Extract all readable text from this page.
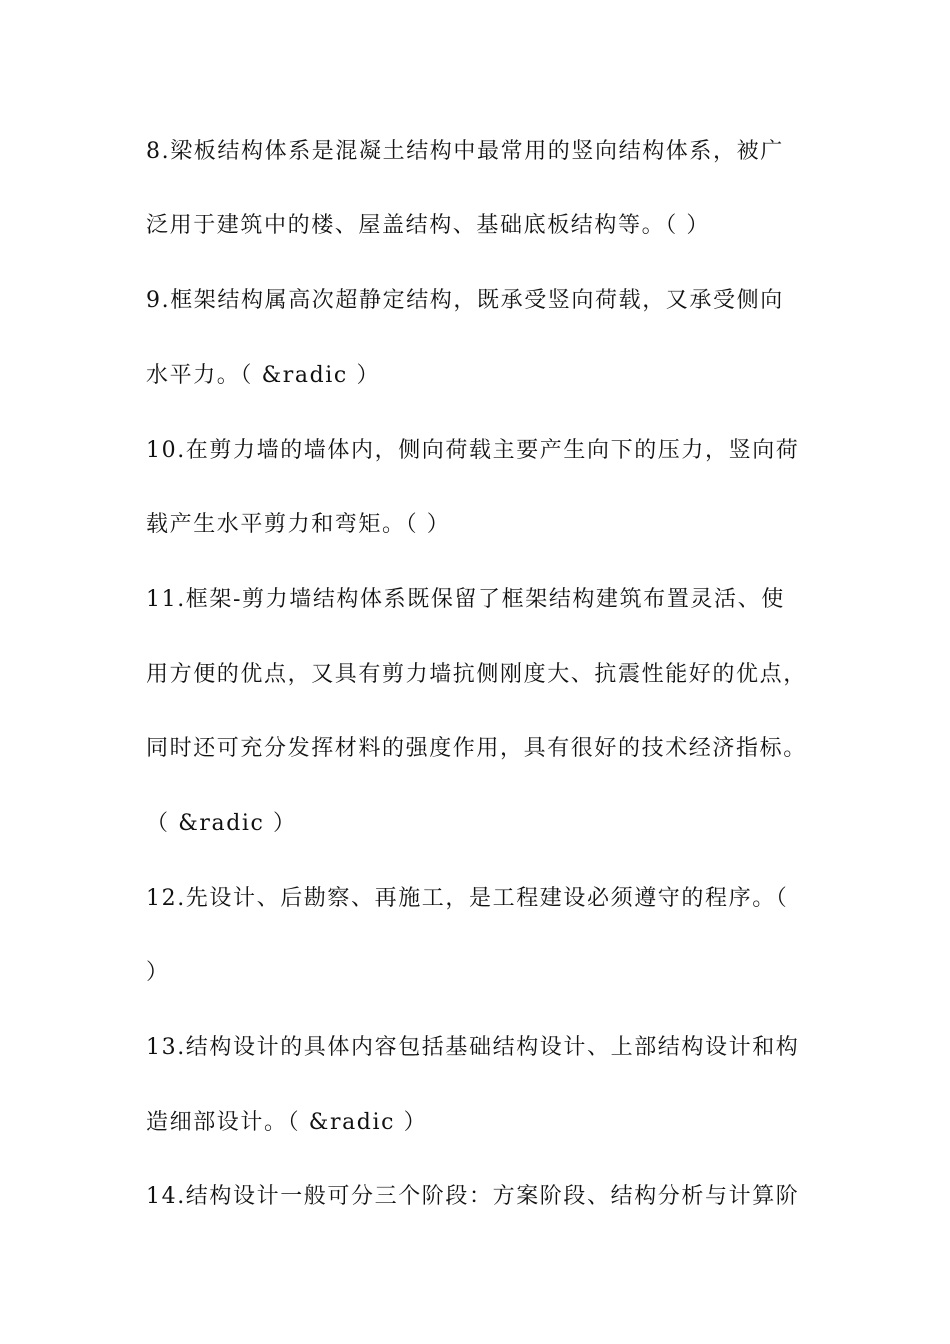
8.梁板结构体系是混凝土结构中最常用的竖向结构体系，被广
泛用于建筑中的楼、屋盖结构、基础底板结构等。（ ）
9.框架结构属高次超静定结构，既承受竖向荷载，又承受侧向
水平力。（ &radic ）
10.在剪力墙的墙体内，侧向荷载主要产生向下的压力，竖向荷
载产生水平剪力和弯矩。（ ）
11.框架-剪力墙结构体系既保留了框架结构建筑布置灵活、使
用方便的优点，又具有剪力墙抗侧刚度大、抗震性能好的优点，
同时还可充分发挥材料的强度作用，具有很好的技术经济指标。
（ &radic ）
12.先设计、后勘察、再施工，是工程建设必须遵守的程序。（
）
13.结构设计的具体内容包括基础结构设计、上部结构设计和构
造细部设计。（ &radic ）
14.结构设计一般可分三个阶段：方案阶段、结构分析与计算阶
